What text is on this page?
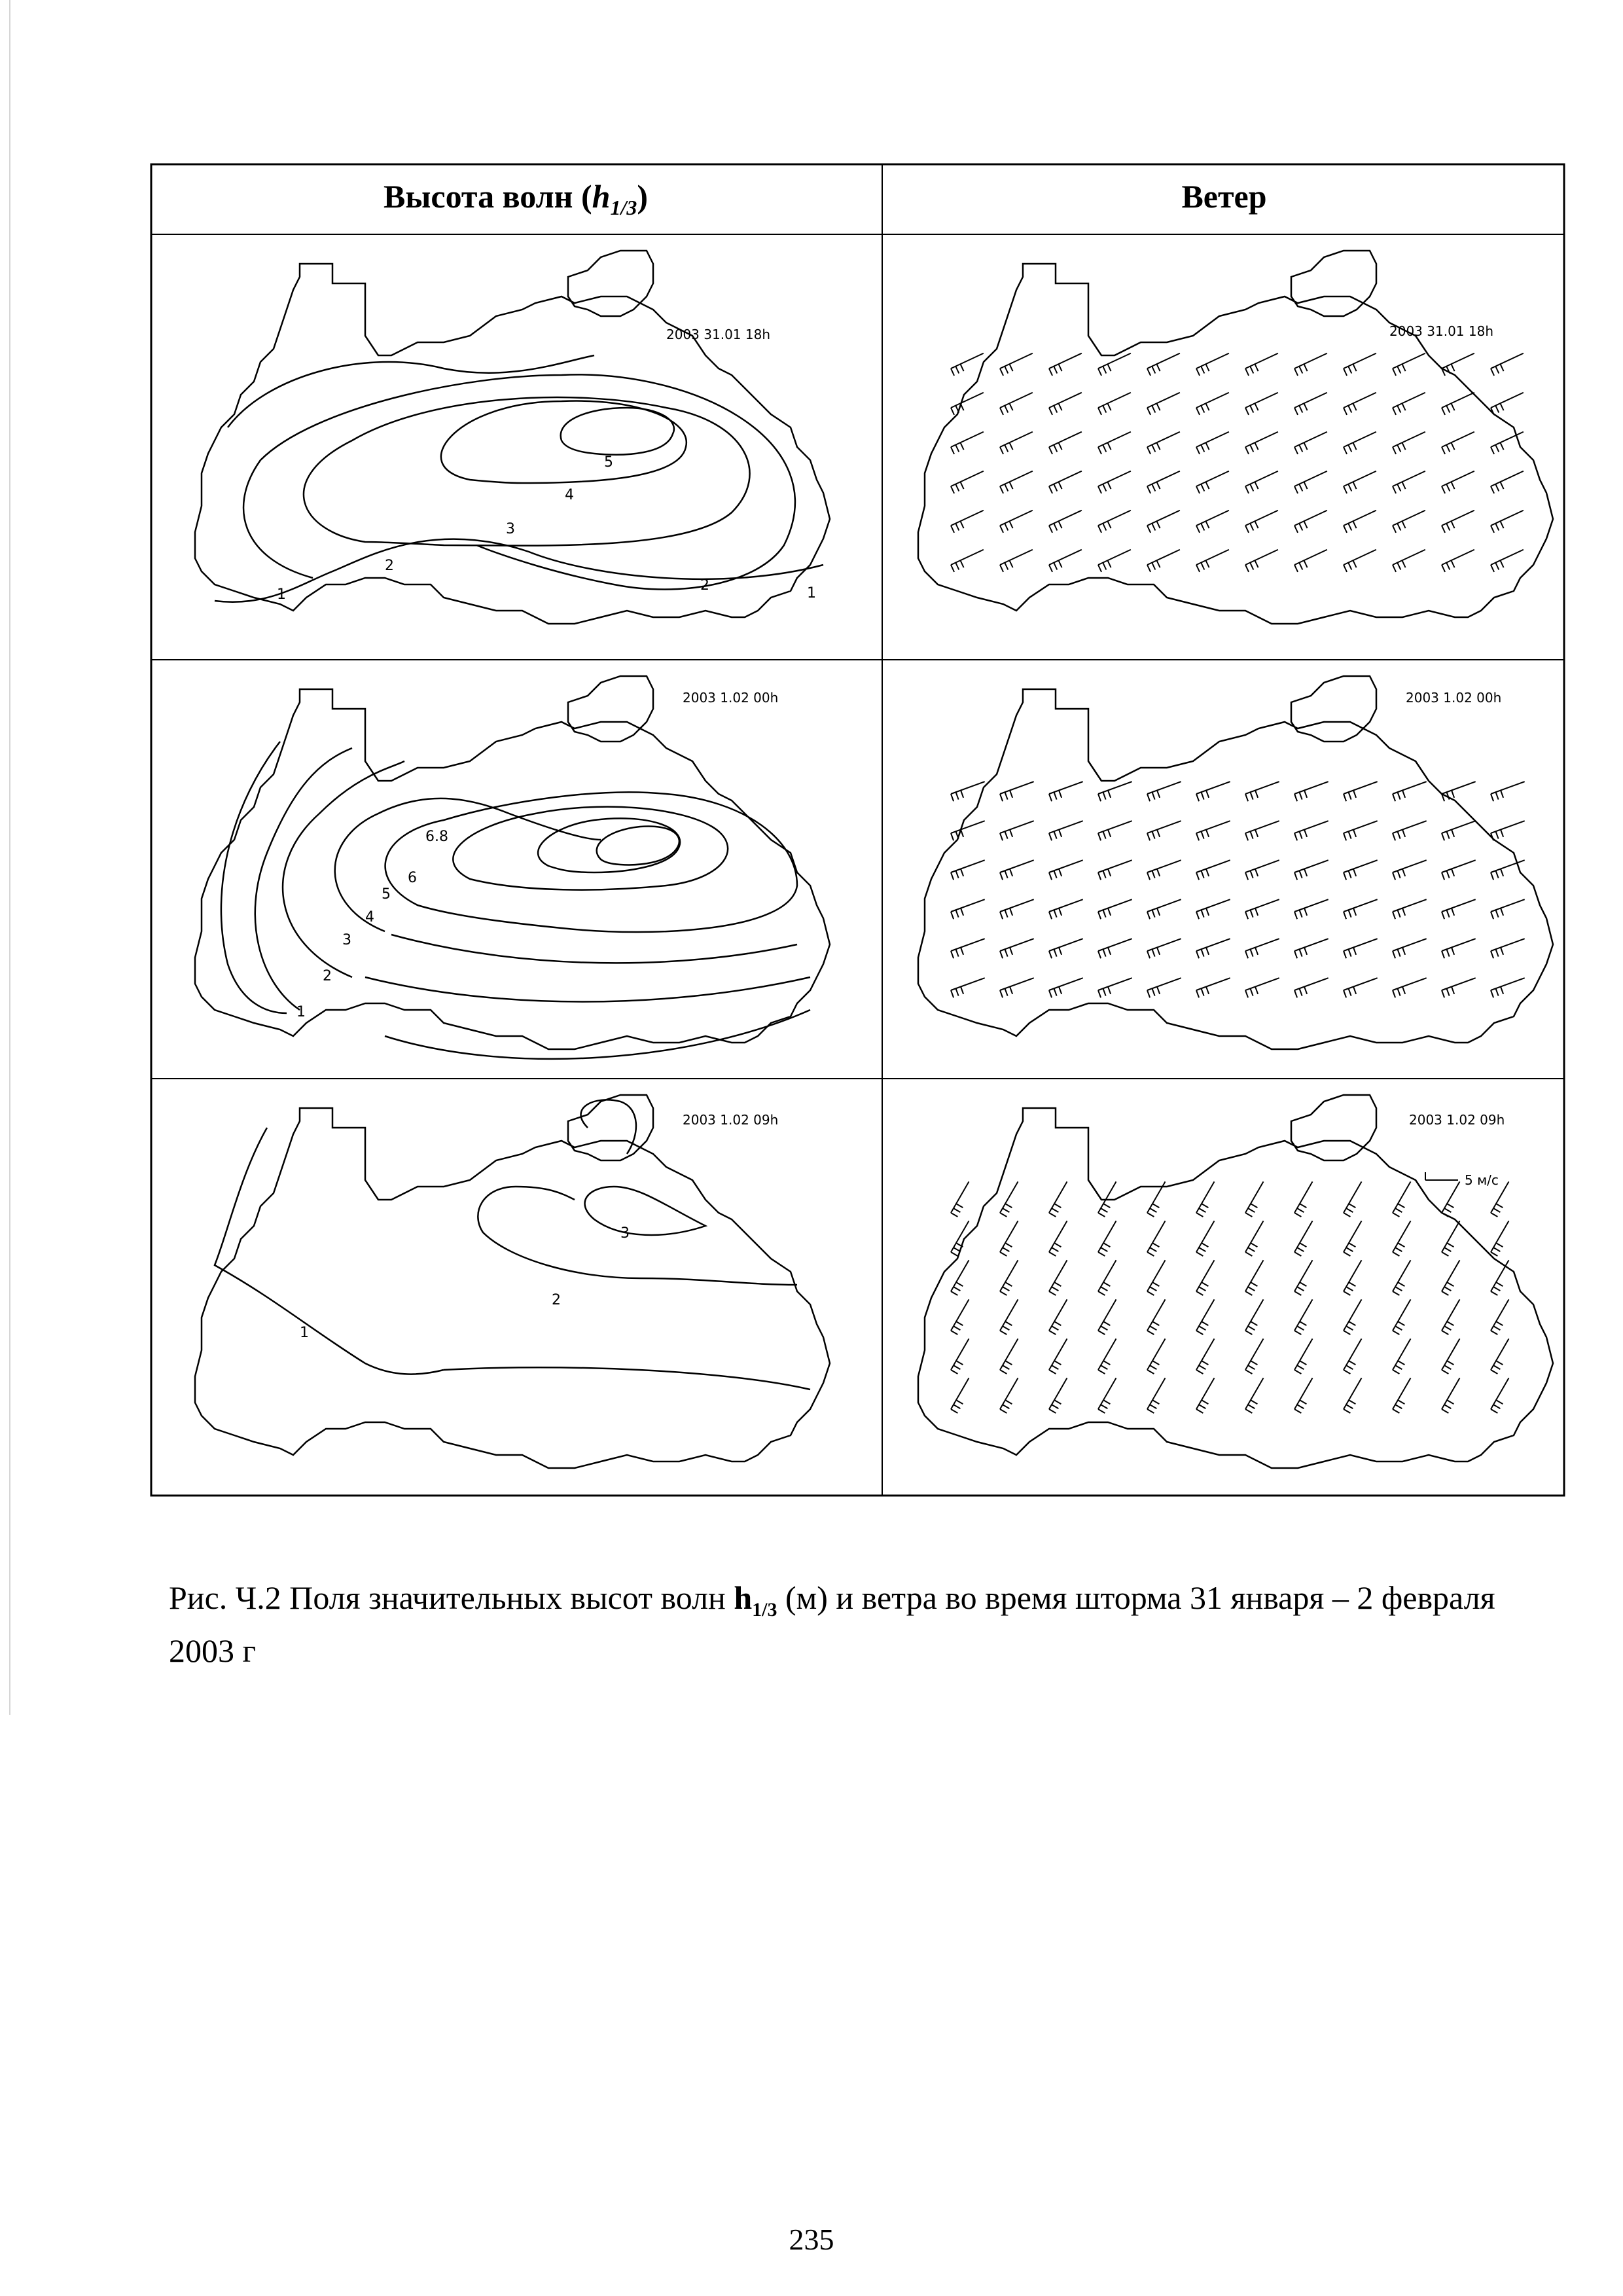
Высота волн $(h_{1/3})$	Ветер
1
2
3
4
5
2	1
2003 31.01 18h	2003 31.01 18h
1
2
3
4
5
6
6.8
2003 1.02 00h	2003 1.02 00h
1
2
3
2003 1.02 09h	2003 1.02 09h
5 м/с
Рис. Ч.2 Поля значительных высот волн $h_{1/3}$ (м) и ветра во время шторма 31 января – 2 февраля 2003 г
235
